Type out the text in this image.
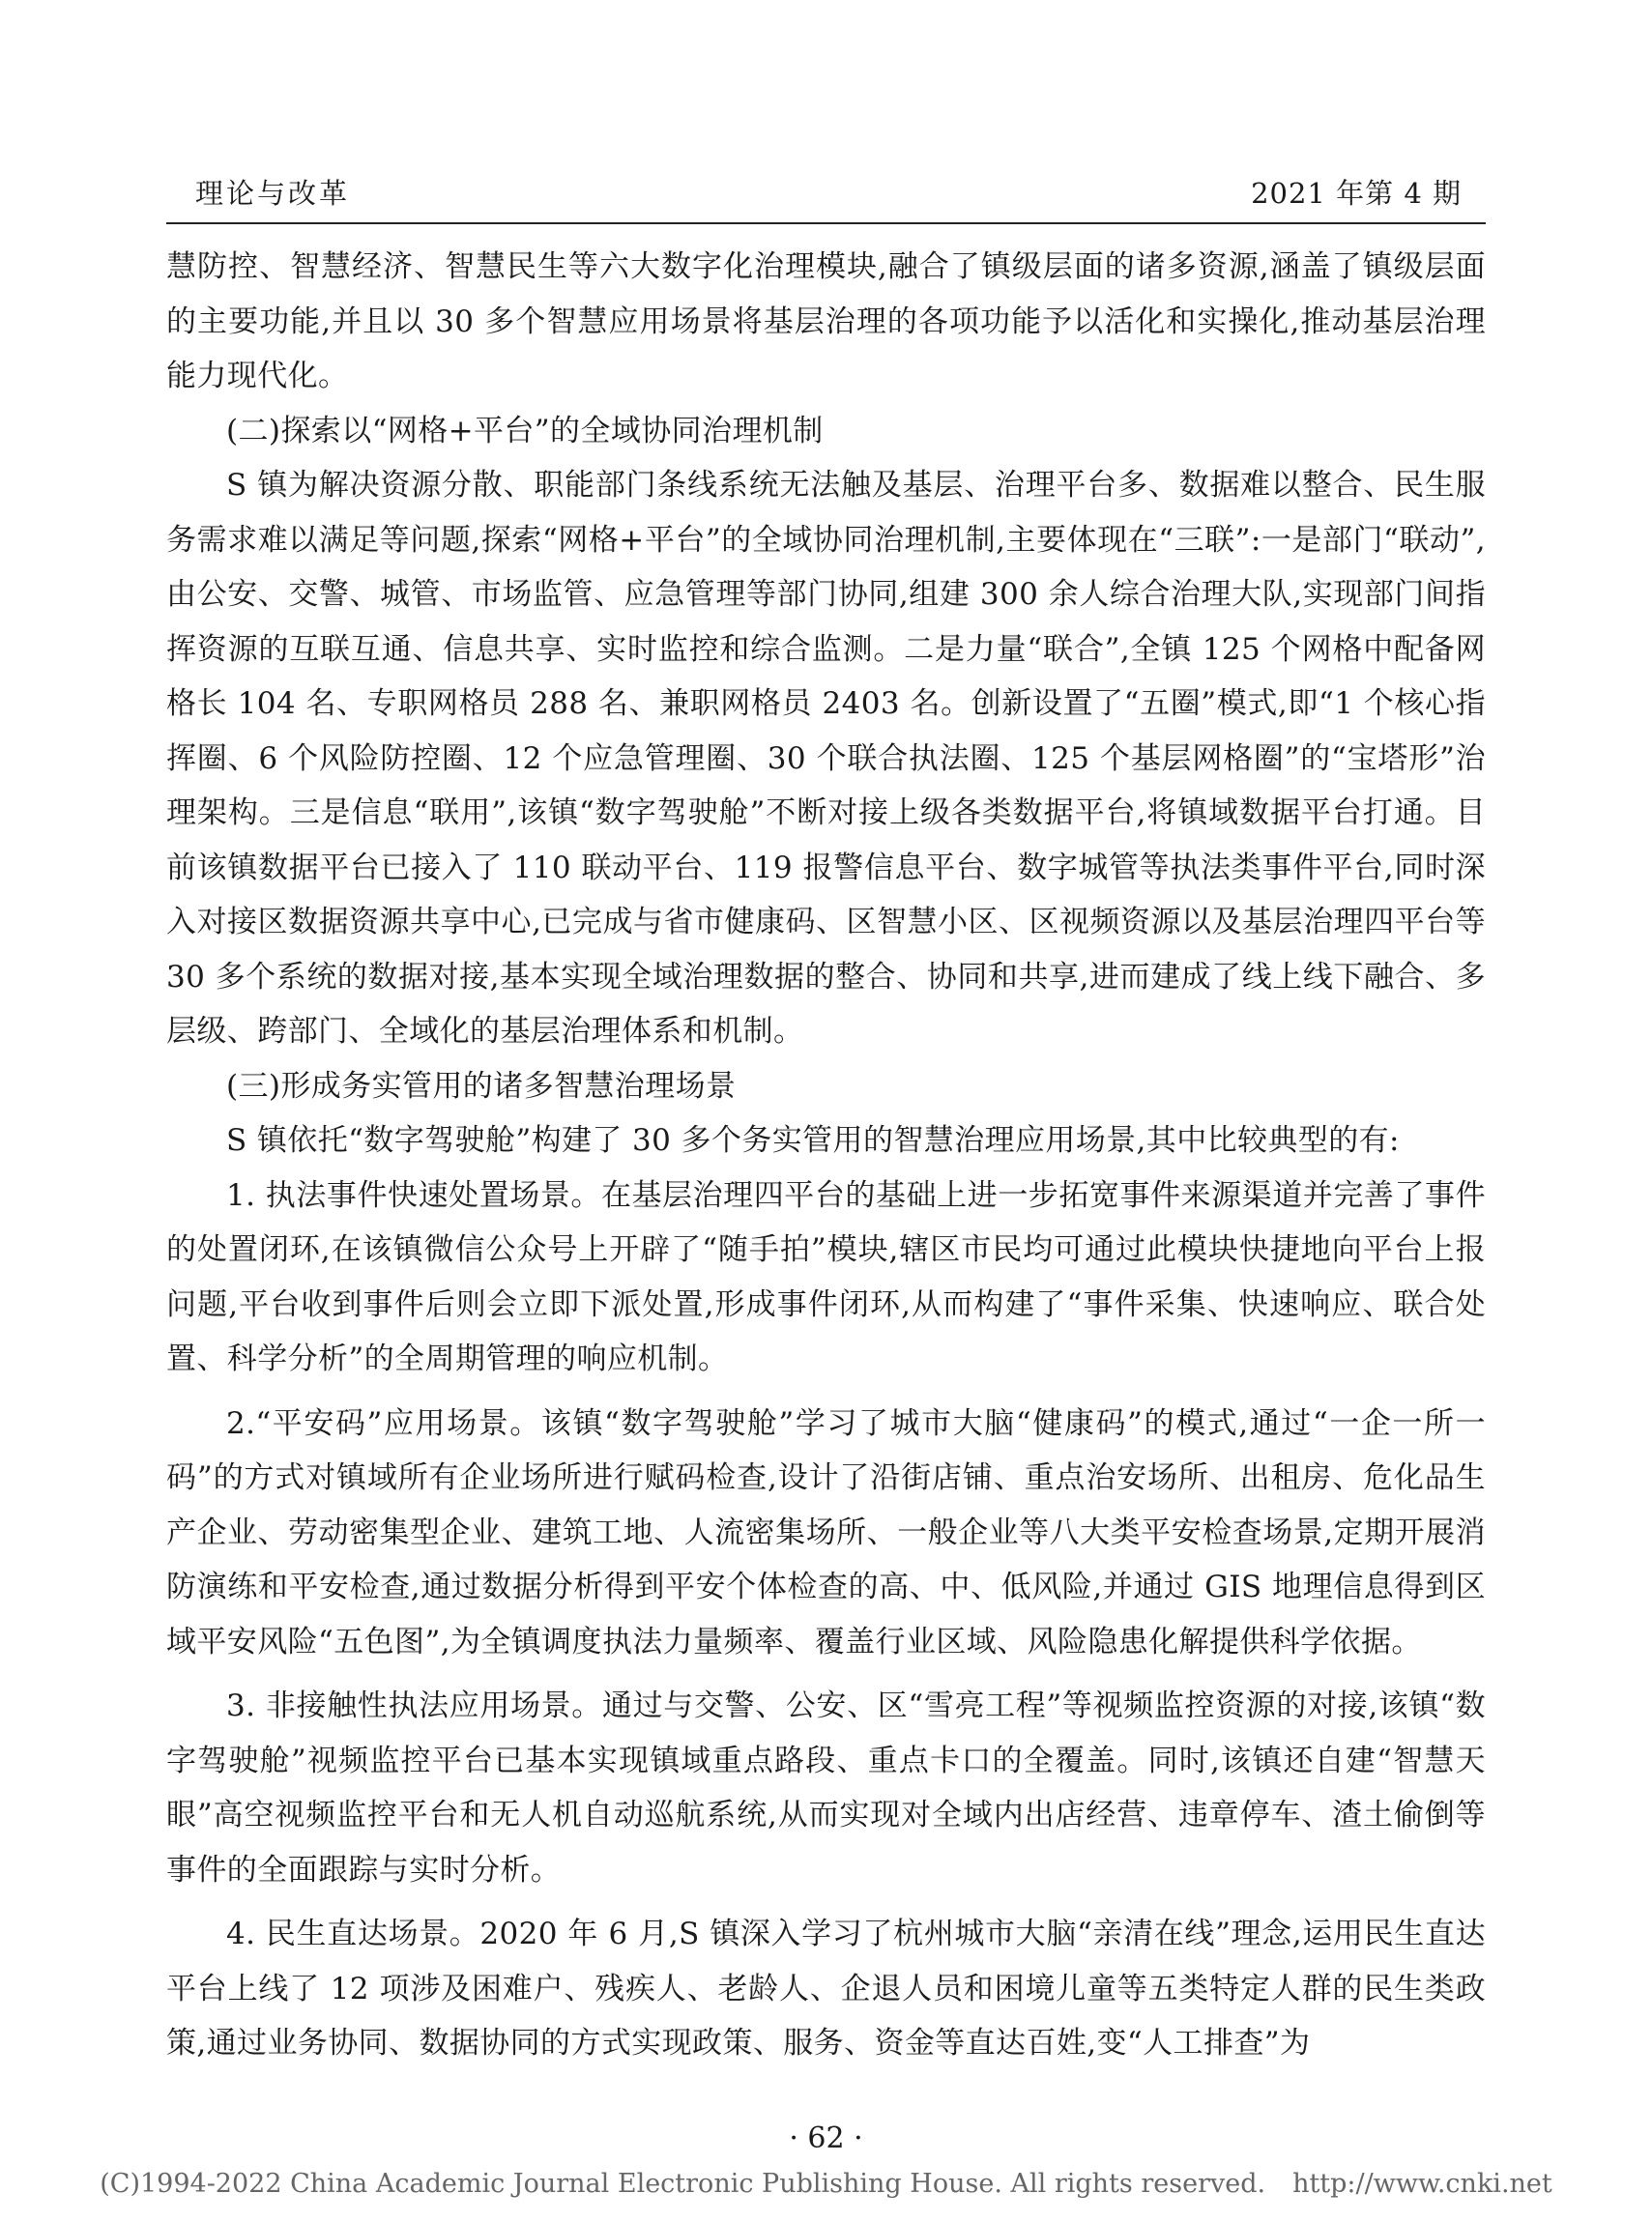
理论与改革	2021 年第 4 期

慧防控、智慧经济、智慧民生等六大数字化治理模块,融合了镇级层面的诸多资源,涵盖了镇级层面的主要功能,并且以 30 多个智慧应用场景将基层治理的各项功能予以活化和实操化,推动基层治理能力现代化。

(二)探索以“网格+平台”的全域协同治理机制

S 镇为解决资源分散、职能部门条线系统无法触及基层、治理平台多、数据难以整合、民生服务需求难以满足等问题,探索“网格+平台”的全域协同治理机制,主要体现在“三联”:一是部门“联动”,由公安、交警、城管、市场监管、应急管理等部门协同,组建 300 余人综合治理大队,实现部门间指挥资源的互联互通、信息共享、实时监控和综合监测。二是力量“联合”,全镇 125 个网格中配备网格长 104 名、专职网格员 288 名、兼职网格员 2403 名。创新设置了“五圈”模式,即“1 个核心指挥圈、6 个风险防控圈、12 个应急管理圈、30 个联合执法圈、125 个基层网格圈”的“宝塔形”治理架构。三是信息“联用”,该镇“数字驾驶舱”不断对接上级各类数据平台,将镇域数据平台打通。目前该镇数据平台已接入了 110 联动平台、119 报警信息平台、数字城管等执法类事件平台,同时深入对接区数据资源共享中心,已完成与省市健康码、区智慧小区、区视频资源以及基层治理四平台等 30 多个系统的数据对接,基本实现全域治理数据的整合、协同和共享,进而建成了线上线下融合、多层级、跨部门、全域化的基层治理体系和机制。

(三)形成务实管用的诸多智慧治理场景

S 镇依托“数字驾驶舱”构建了 30 多个务实管用的智慧治理应用场景,其中比较典型的有:

1. 执法事件快速处置场景。在基层治理四平台的基础上进一步拓宽事件来源渠道并完善了事件的处置闭环,在该镇微信公众号上开辟了“随手拍”模块,辖区市民均可通过此模块快捷地向平台上报问题,平台收到事件后则会立即下派处置,形成事件闭环,从而构建了“事件采集、快速响应、联合处置、科学分析”的全周期管理的响应机制。

2.“平安码”应用场景。该镇“数字驾驶舱”学习了城市大脑“健康码”的模式,通过“一企一所一码”的方式对镇域所有企业场所进行赋码检查,设计了沿街店铺、重点治安场所、出租房、危化品生产企业、劳动密集型企业、建筑工地、人流密集场所、一般企业等八大类平安检查场景,定期开展消防演练和平安检查,通过数据分析得到平安个体检查的高、中、低风险,并通过 GIS 地理信息得到区域平安风险“五色图”,为全镇调度执法力量频率、覆盖行业区域、风险隐患化解提供科学依据。

3. 非接触性执法应用场景。通过与交警、公安、区“雪亮工程”等视频监控资源的对接,该镇“数字驾驶舱”视频监控平台已基本实现镇域重点路段、重点卡口的全覆盖。同时,该镇还自建“智慧天眼”高空视频监控平台和无人机自动巡航系统,从而实现对全域内出店经营、违章停车、渣土偷倒等事件的全面跟踪与实时分析。

4. 民生直达场景。2020 年 6 月,S 镇深入学习了杭州城市大脑“亲清在线”理念,运用民生直达平台上线了 12 项涉及困难户、残疾人、老龄人、企退人员和困境儿童等五类特定人群的民生类政策,通过业务协同、数据协同的方式实现政策、服务、资金等直达百姓,变“人工排查”为

· 62 ·
(C)1994-2022 China Academic Journal Electronic Publishing House. All rights reserved. http://www.cnki.net
